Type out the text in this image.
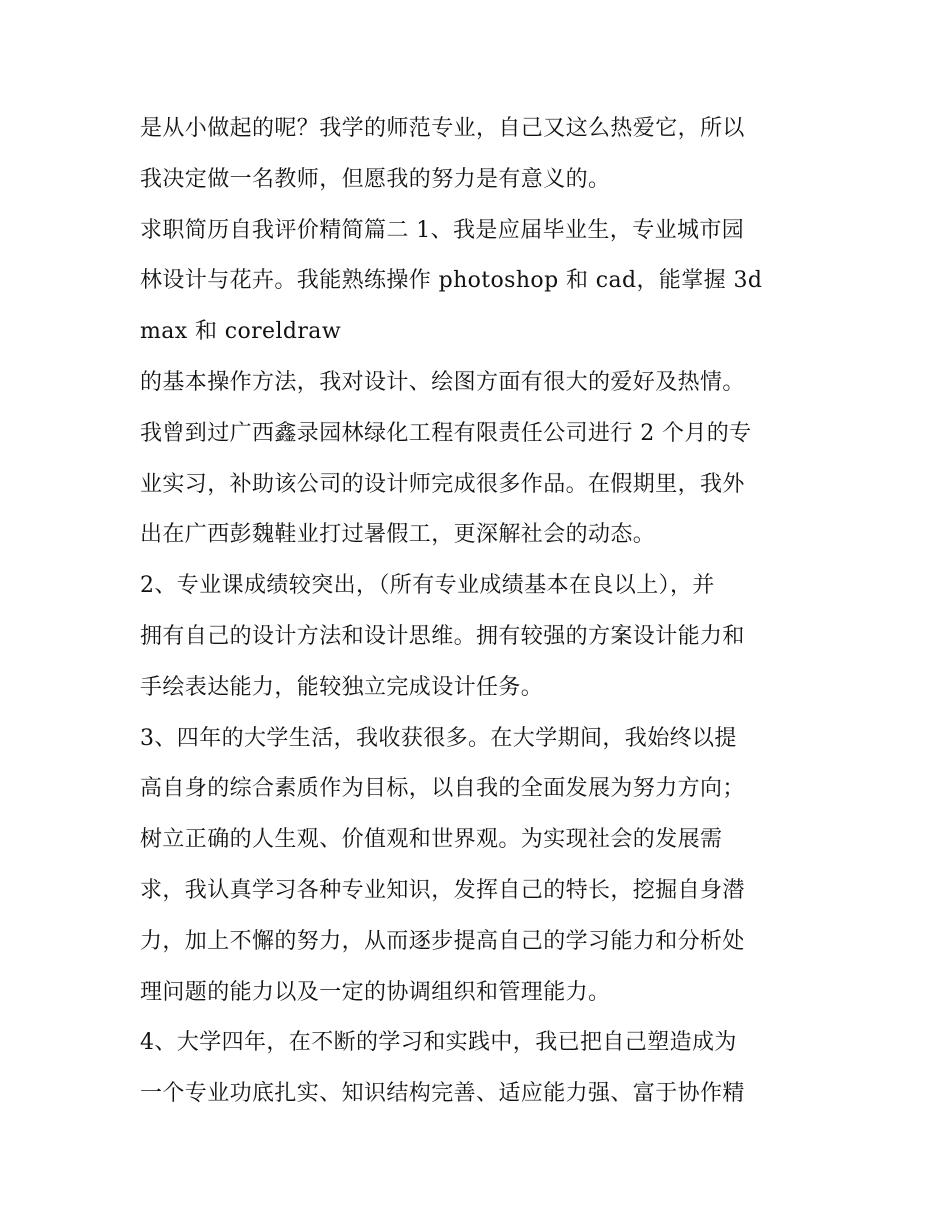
是从小做起的呢？我学的师范专业，自己又这么热爱它，所以
我决定做一名教师，但愿我的努力是有意义的。
求职简历自我评价精简篇二 1、我是应届毕业生，专业城市园
林设计与花卉。我能熟练操作 photoshop 和 cad，能掌握 3d
max 和 coreldraw
的基本操作方法，我对设计、绘图方面有很大的爱好及热情。
我曾到过广西鑫录园林绿化工程有限责任公司进行 2 个月的专
业实习，补助该公司的设计师完成很多作品。在假期里，我外
出在广西彭魏鞋业打过暑假工，更深解社会的动态。
2、专业课成绩较突出，（所有专业成绩基本在良以上），并
拥有自己的设计方法和设计思维。拥有较强的方案设计能力和
手绘表达能力，能较独立完成设计任务。
3、四年的大学生活，我收获很多。在大学期间，我始终以提
高自身的综合素质作为目标，以自我的全面发展为努力方向；
树立正确的人生观、价值观和世界观。为实现社会的发展需
求，我认真学习各种专业知识，发挥自己的特长，挖掘自身潜
力，加上不懈的努力，从而逐步提高自己的学习能力和分析处
理问题的能力以及一定的协调组织和管理能力。
4、大学四年，在不断的学习和实践中，我已把自己塑造成为
一个专业功底扎实、知识结构完善、适应能力强、富于协作精
